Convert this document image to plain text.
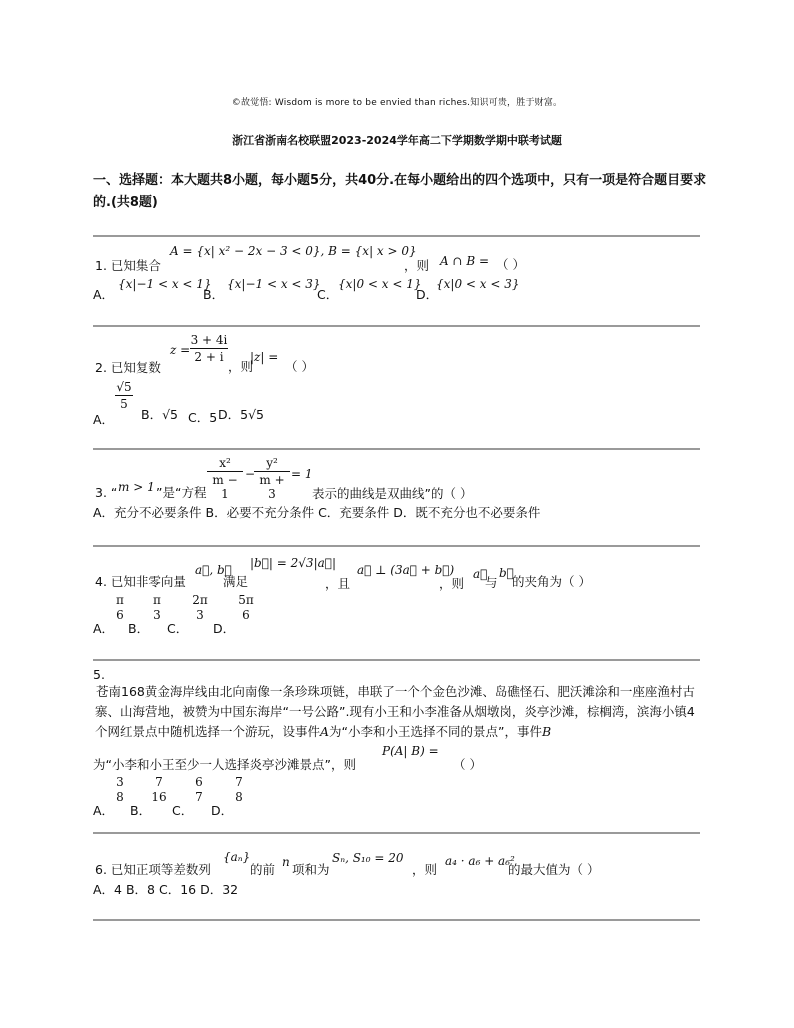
©故觉悟: Wisdom is more to be envied than riches.知识可贵，胜于财富。
浙江省浙南名校联盟2023-2024学年高二下学期数学期中联考试题
一、选择题：本大题共8小题，每小题5分，共40分.在每小题给出的四个选项中，只有一项是符合题目要求的.(共8题)
1. 已知集合
A = {x| x² − 2x − 3 < 0}, B = {x| x > 0}
，则 A ∩ B = （ ）
A．
{x|−1 < x < 1}
B．
{x|−1 < x < 3}
C．
{x|0 < x < 1}
D．
{x|0 < x < 3}
2. 已知复数
z =
3 + 4i
2 + i
，则
|z| =
（ ）
A．
√5
5
B．√5 C．5 D．5√5
3. “ m > 1 ”是“方程
x²
m − 1
−
y²
m + 3
= 1
表示的曲线是双曲线”的（ ）
A．充分不必要条件 B．必要不充分条件 C．充要条件 D．既不充分也不必要条件
4. 已知非零向量
a⃗, b⃗
满足
|b⃗| = 2√3|a⃗|
，且
a⃗ ⊥ (3a⃗ + b⃗)
，则
a⃗
与
b⃗
的夹角为（ ）
A．
π
6
B．
π
3
C．
2π
3
D．
5π
6
5.
苍南168黄金海岸线由北向南像一条珍珠项链，串联了一个个金色沙滩、岛礁怪石、肥沃滩涂和一座座渔村古寨、山海营地，被赞为中国东海岸“一号公路”.现有小王和小李准备从烟墩岗，炎亭沙滩，棕榈湾，滨海小镇4个网红景点中随机选择一个游玩，设事件A为“小李和小王选择不同的景点”，事件B
为“小李和小王至少一人选择炎亭沙滩景点”，则
P(A| B) =
（ ）
A．
3
8
B．
7
16
C．
6
7
D．
7
8
6. 已知正项等差数列
{aₙ}
的前 n 项和为
Sₙ, S₁₀ = 20
，则
a₄ · a₆ + a₆²
的最大值为（ ）
A．4 B．8 C．16 D．32
